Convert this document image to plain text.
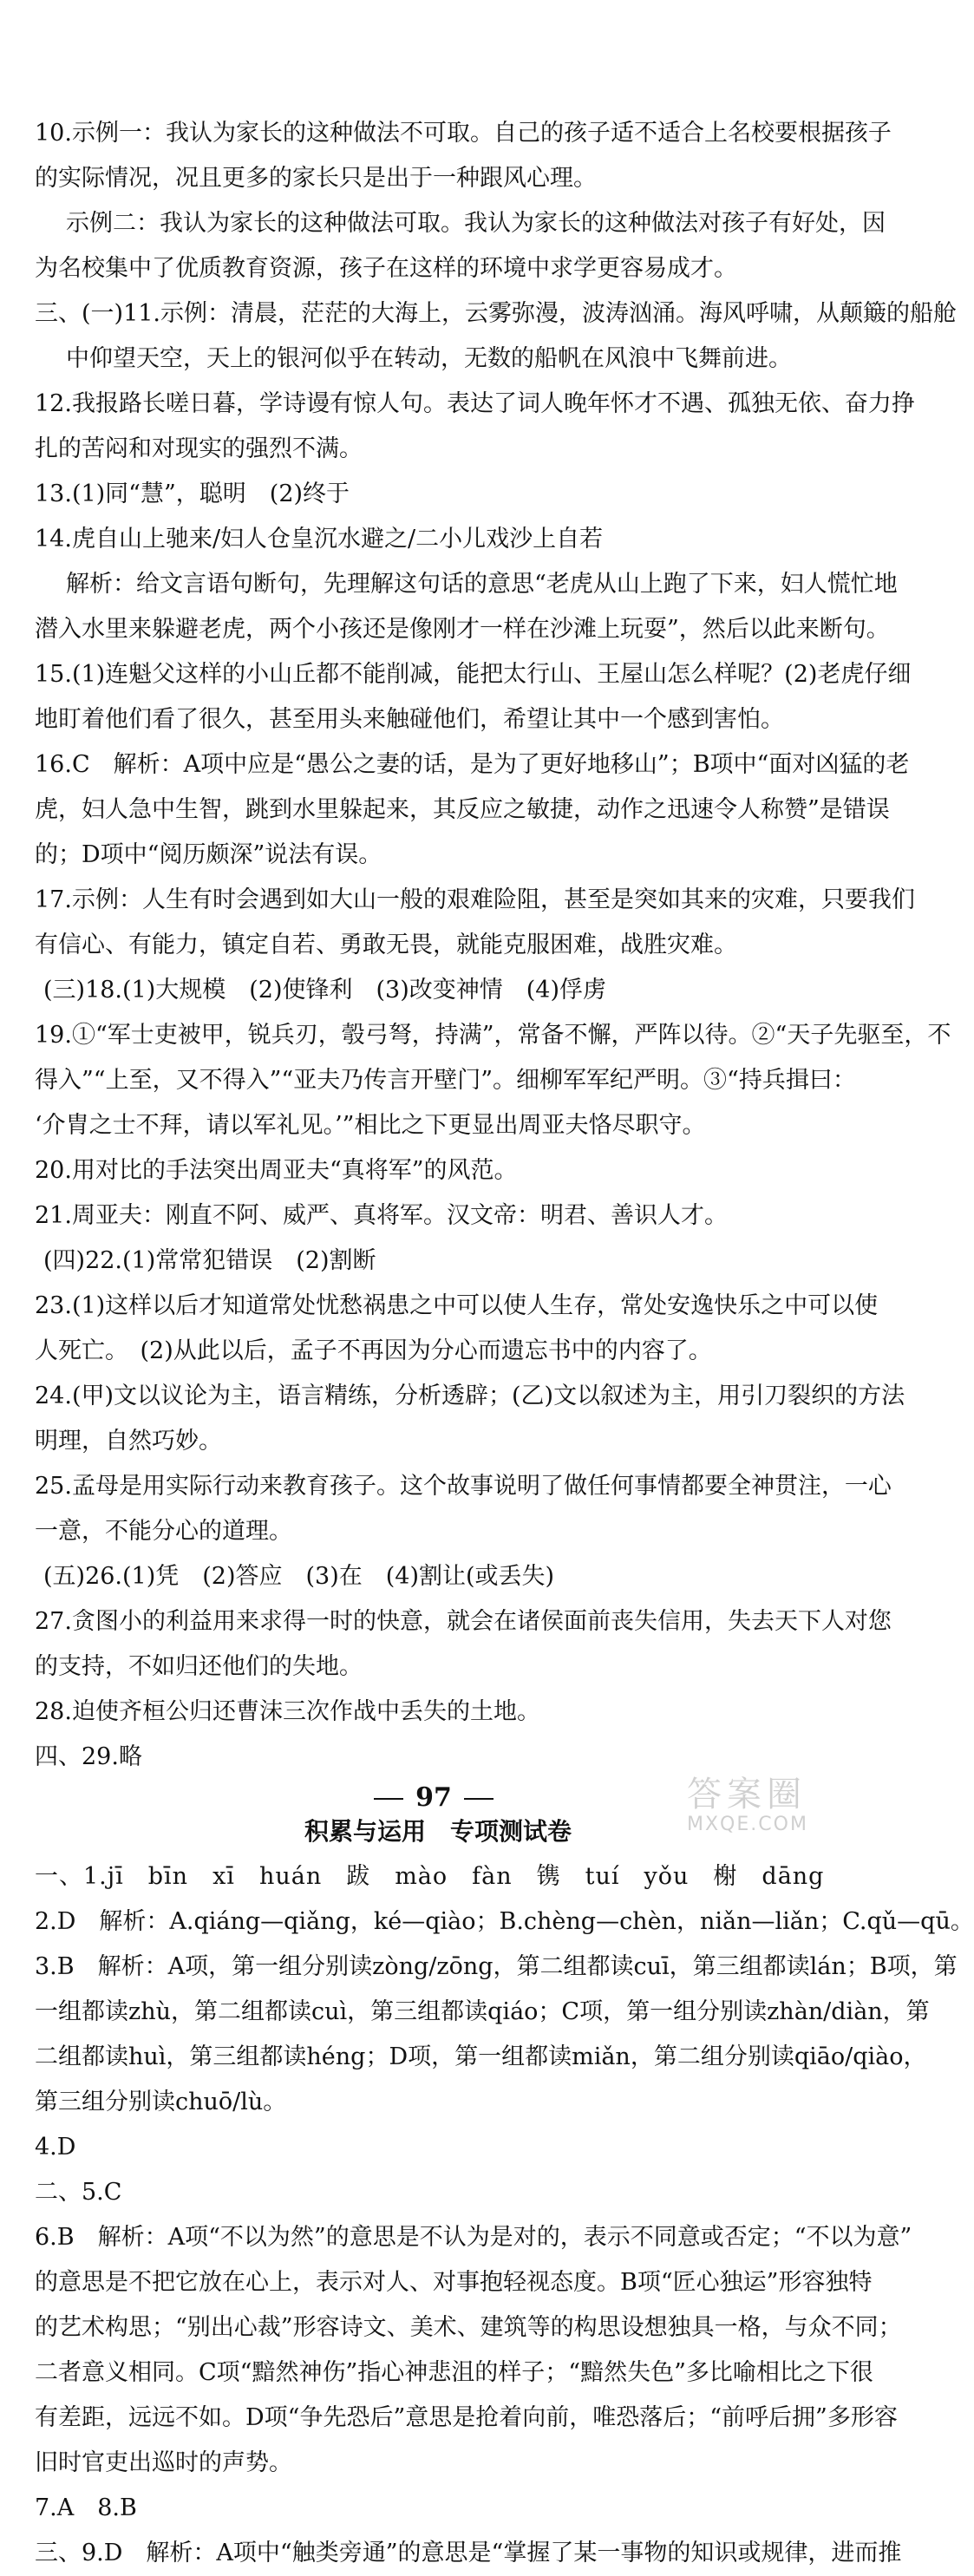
10.示例一：我认为家长的这种做法不可取。自己的孩子适不适合上名校要根据孩子
的实际情况，况且更多的家长只是出于一种跟风心理。
示例二：我认为家长的这种做法可取。我认为家长的这种做法对孩子有好处，因
为名校集中了优质教育资源，孩子在这样的环境中求学更容易成才。
三、(一)11.示例：清晨，茫茫的大海上，云雾弥漫，波涛汹涌。海风呼啸，从颠簸的船舱
中仰望天空，天上的银河似乎在转动，无数的船帆在风浪中飞舞前进。
12.我报路长嗟日暮，学诗谩有惊人句。表达了词人晚年怀才不遇、孤独无依、奋力挣
扎的苦闷和对现实的强烈不满。
13.(1)同“慧”，聪明　(2)终于
14.虎自山上驰来/妇人仓皇沉水避之/二小儿戏沙上自若
解析：给文言语句断句，先理解这句话的意思“老虎从山上跑了下来，妇人慌忙地
潜入水里来躲避老虎，两个小孩还是像刚才一样在沙滩上玩耍”，然后以此来断句。
15.(1)连魁父这样的小山丘都不能削减，能把太行山、王屋山怎么样呢？(2)老虎仔细
地盯着他们看了很久，甚至用头来触碰他们，希望让其中一个感到害怕。
16.C　解析：A项中应是“愚公之妻的话，是为了更好地移山”；B项中“面对凶猛的老
虎，妇人急中生智，跳到水里躲起来，其反应之敏捷，动作之迅速令人称赞”是错误
的；D项中“阅历颇深”说法有误。
17.示例：人生有时会遇到如大山一般的艰难险阻，甚至是突如其来的灾难，只要我们
有信心、有能力，镇定自若、勇敢无畏，就能克服困难，战胜灾难。
(三)18.(1)大规模　(2)使锋利　(3)改变神情　(4)俘虏
19.①“军士吏被甲，锐兵刃，彀弓弩，持满”，常备不懈，严阵以待。②“天子先驱至，不
得入”“上至，又不得入”“亚夫乃传言开壁门”。细柳军军纪严明。③“持兵揖曰：
‘介胄之士不拜，请以军礼见。’”相比之下更显出周亚夫恪尽职守。
20.用对比的手法突出周亚夫“真将军”的风范。
21.周亚夫：刚直不阿、威严、真将军。汉文帝：明君、善识人才。
(四)22.(1)常常犯错误　(2)割断
23.(1)这样以后才知道常处忧愁祸患之中可以使人生存，常处安逸快乐之中可以使
人死亡。　(2)从此以后，孟子不再因为分心而遗忘书中的内容了。
24.(甲)文以议论为主，语言精练，分析透辟；(乙)文以叙述为主，用引刀裂织的方法
明理，自然巧妙。
25.孟母是用实际行动来教育孩子。这个故事说明了做任何事情都要全神贯注，一心
一意，不能分心的道理。
(五)26.(1)凭　(2)答应　(3)在　(4)割让(或丢失)
27.贪图小的利益用来求得一时的快意，就会在诸侯面前丧失信用，失去天下人对您
的支持，不如归还他们的失地。
28.迫使齐桓公归还曹沫三次作战中丢失的土地。
四、29.略
积累与运用　专项测试卷
一、1.jī　bīn　xī　huán　跋　mào　fàn　镌　tuí　yǒu　榭　dāng
2.D　解析：A.qiáng—qiǎng，ké—qiào；B.chèng—chèn，niǎn—liǎn；C.qǔ—qū。
3.B　解析：A项，第一组分别读zòng/zōng，第二组都读cuī，第三组都读lán；B项，第
一组都读zhù，第二组都读cuì，第三组都读qiáo；C项，第一组分别读zhàn/diàn，第
二组都读huì，第三组都读héng；D项，第一组都读miǎn，第二组分别读qiāo/qiào，
第三组分别读chuō/lù。
4.D
二、5.C
6.B　解析：A项“不以为然”的意思是不认为是对的，表示不同意或否定；“不以为意”
的意思是不把它放在心上，表示对人、对事抱轻视态度。B项“匠心独运”形容独特
的艺术构思；“别出心裁”形容诗文、美术、建筑等的构思设想独具一格，与众不同；
二者意义相同。C项“黯然神伤”指心神悲沮的样子；“黯然失色”多比喻相比之下很
有差距，远远不如。D项“争先恐后”意思是抢着向前，唯恐落后；“前呼后拥”多形容
旧时官吏出巡时的声势。
7.A　8.B
三、9.D　解析：A项中“触类旁通”的意思是“掌握了某一事物的知识或规律，进而推
97	答案圈
MXQE.COM
